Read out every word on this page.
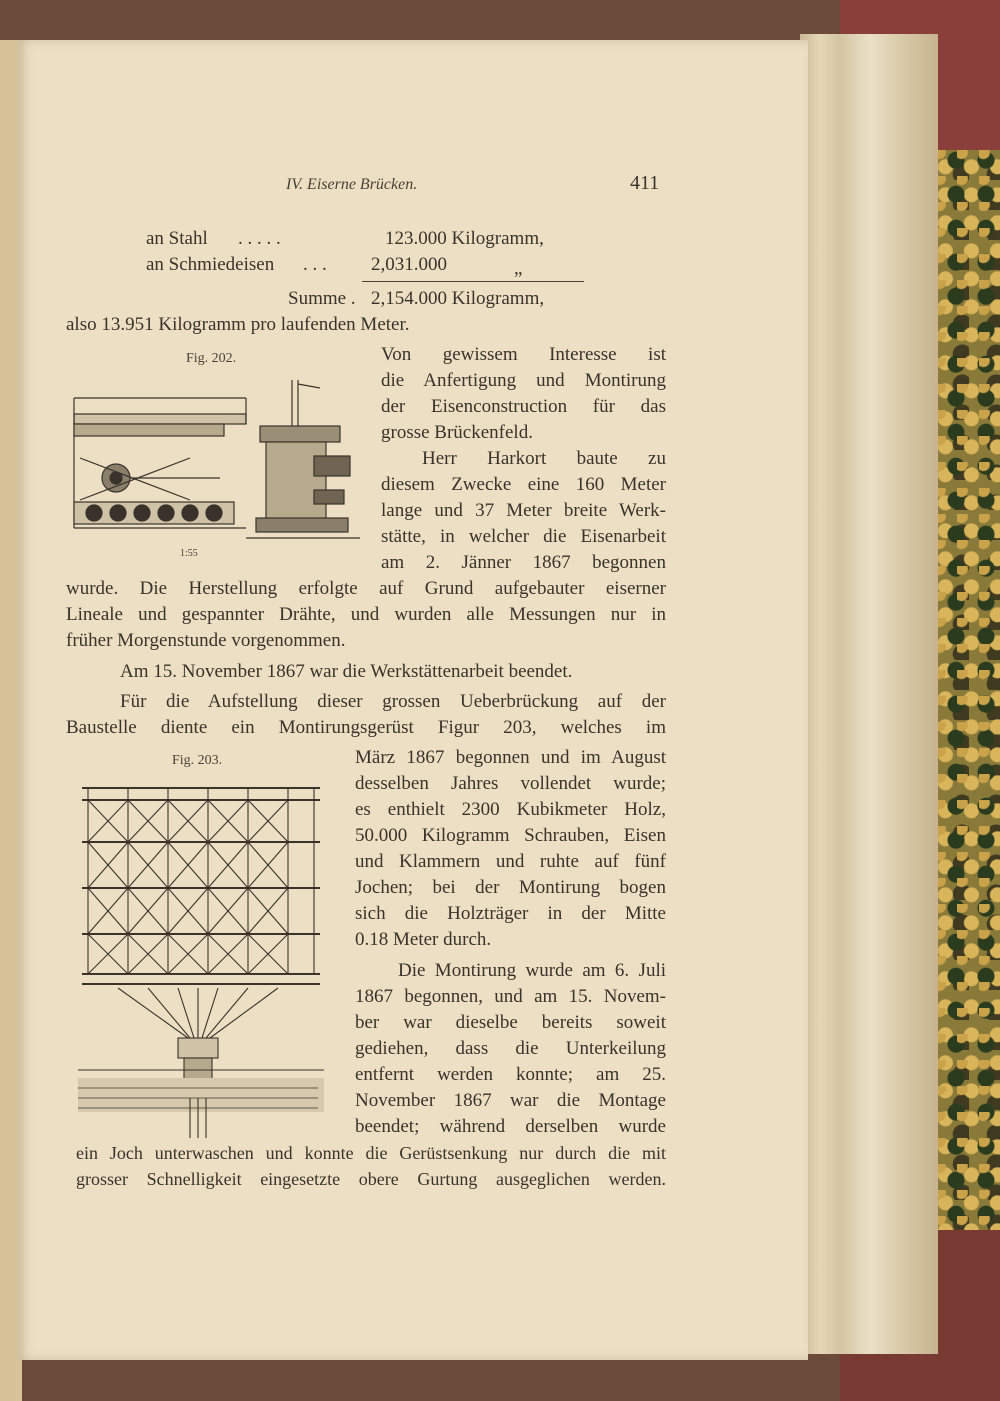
IV. Eiserne Brücken.	411
an Stahl . . . . .	123.000 Kilogramm,
an Schmiedeisen . . . 2,031.000	„
Summe . 2,154.000 Kilogramm,
also 13.951 Kilogramm pro laufenden Meter.
Fig. 202.
1:55
Von gewissem Interesse ist
die Anfertigung und Montirung
der Eisenconstruction für das
grosse Brückenfeld.
Herr Harkort baute zu
diesem Zwecke eine 160 Meter
lange und 37 Meter breite Werk-
stätte, in welcher die Eisenarbeit
am 2. Jänner 1867 begonnen
wurde. Die Herstellung erfolgte auf Grund aufgebauter eiserner
Lineale und gespannter Drähte, und wurden alle Messungen nur in
früher Morgenstunde vorgenommen.
Am 15. November 1867 war die Werkstättenarbeit beendet.
Für die Aufstellung dieser grossen Ueberbrückung auf der
Baustelle diente ein Montirungsgerüst Figur 203, welches im
Fig. 203.	März 1867 begonnen und im August
desselben Jahres vollendet wurde;
es enthielt 2300 Kubikmeter Holz,
50.000 Kilogramm Schrauben, Eisen
und Klammern und ruhte auf fünf
Jochen; bei der Montirung bogen
sich die Holzträger in der Mitte
0.18 Meter durch.
Die Montirung wurde am 6. Juli
1867 begonnen, und am 15. Novem-
ber war dieselbe bereits soweit
gediehen, dass die Unterkeilung
entfernt werden konnte; am 25.
November 1867 war die Montage
beendet; während derselben wurde
ein Joch unterwaschen und konnte die Gerüstsenkung nur durch die mit
grosser Schnelligkeit eingesetzte obere Gurtung ausgeglichen werden.
